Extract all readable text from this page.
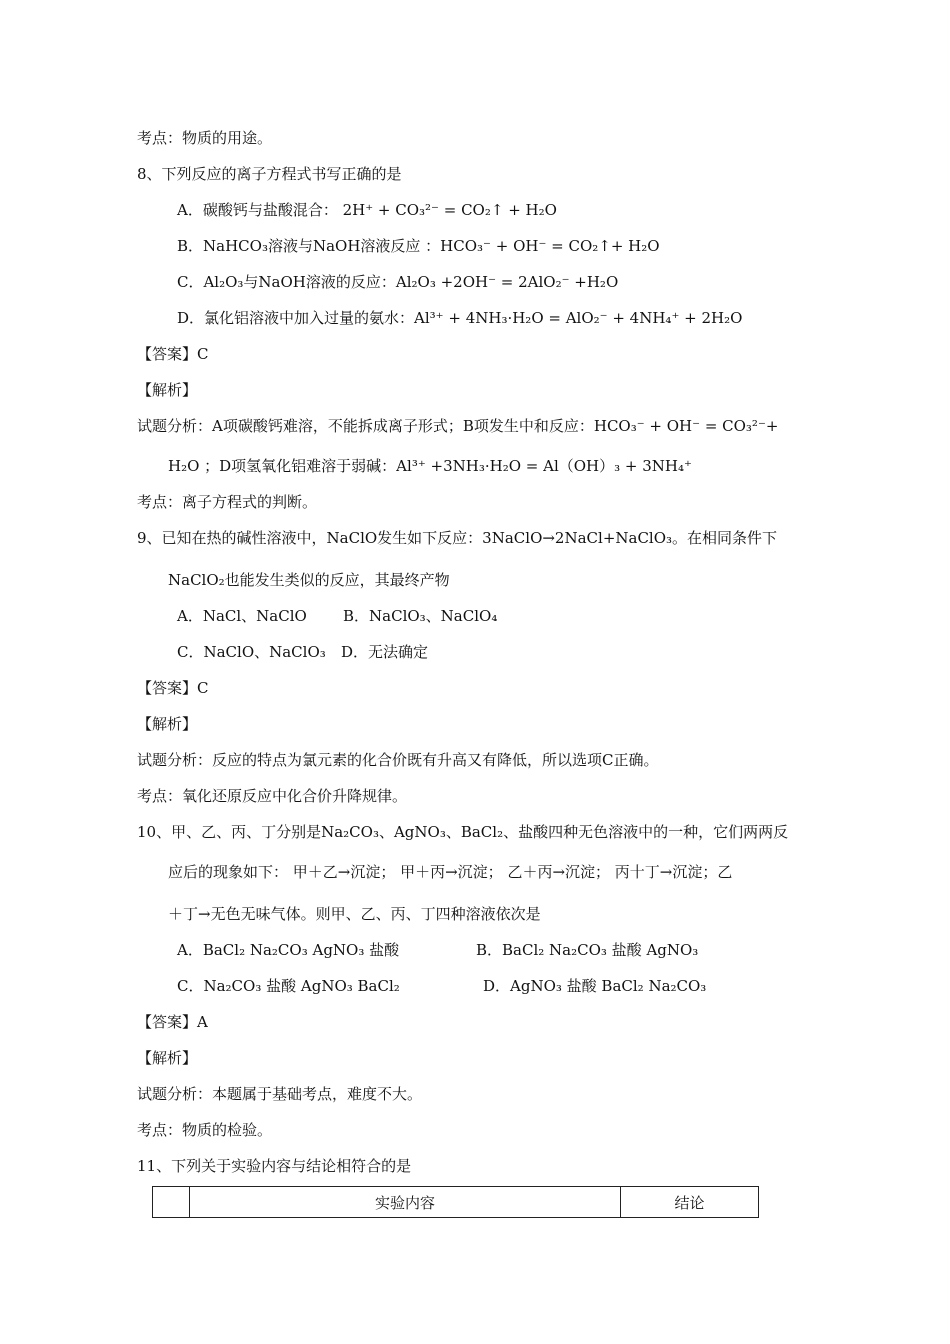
考点：物质的用途。
8、下列反应的离子方程式书写正确的是
A．碳酸钙与盐酸混合： 2H⁺ + CO₃²⁻ = CO₂↑ + H₂O
B．NaHCO₃溶液与NaOH溶液反应 ：HCO₃⁻ + OH⁻ = CO₂↑+ H₂O
C．Al₂O₃与NaOH溶液的反应：Al₂O₃ +2OH⁻ = 2AlO₂⁻ +H₂O
D．氯化铝溶液中加入过量的氨水：Al³⁺ + 4NH₃·H₂O = AlO₂⁻ + 4NH₄⁺ + 2H₂O
【答案】C
【解析】
试题分析：A项碳酸钙难溶，不能拆成离子形式；B项发生中和反应：HCO₃⁻ + OH⁻ = CO₃²⁻+
H₂O ；D项氢氧化铝难溶于弱碱：Al³⁺ +3NH₃·H₂O = Al（OH）₃ + 3NH₄⁺
考点：离子方程式的判断。
9、已知在热的碱性溶液中，NaClO发生如下反应：3NaClO→2NaCl+NaClO₃。在相同条件下
NaClO₂也能发生类似的反应，其最终产物
A．NaCl、NaClO B．NaClO₃、NaClO₄
C．NaClO、NaClO₃ D．无法确定
【答案】C
【解析】
试题分析：反应的特点为氯元素的化合价既有升高又有降低，所以选项C正确。
考点：氧化还原反应中化合价升降规律。
10、甲、乙、丙、丁分别是Na₂CO₃、AgNO₃、BaCl₂、盐酸四种无色溶液中的一种，它们两两反
应后的现象如下： 甲＋乙→沉淀； 甲＋丙→沉淀； 乙＋丙→沉淀； 丙十丁→沉淀；乙
＋丁→无色无味气体。则甲、乙、丙、丁四种溶液依次是
A．BaCl₂ Na₂CO₃ AgNO₃ 盐酸	B．BaCl₂ Na₂CO₃ 盐酸 AgNO₃
C．Na₂CO₃ 盐酸 AgNO₃ BaCl₂	D．AgNO₃ 盐酸 BaCl₂ Na₂CO₃
【答案】A
【解析】
试题分析：本题属于基础考点，难度不大。
考点：物质的检验。
11、下列关于实验内容与结论相符合的是
	实验内容	结论
